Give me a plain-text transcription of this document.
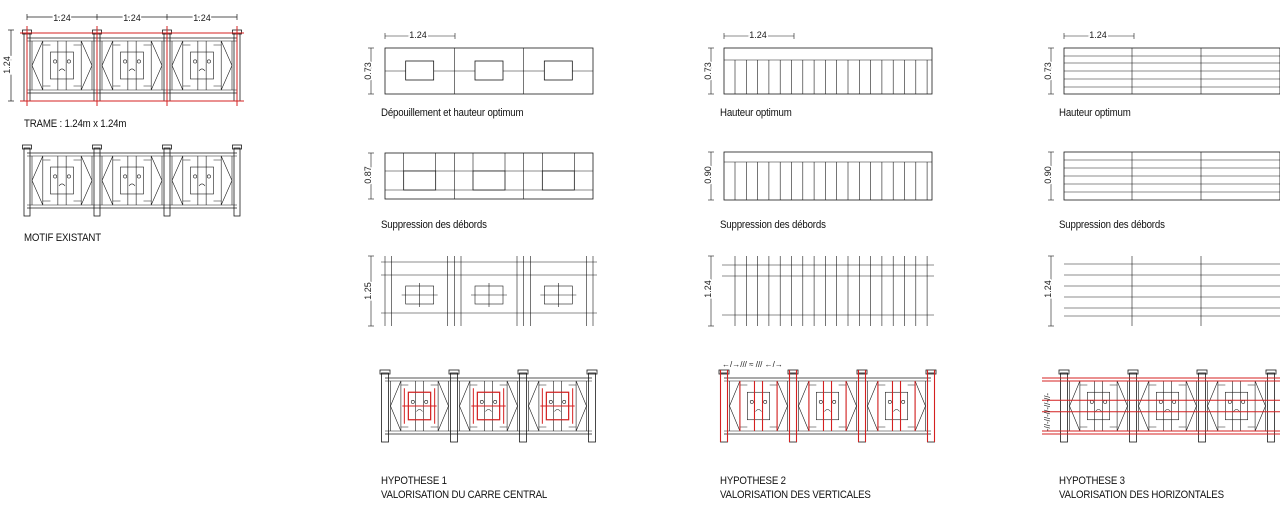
1.24	1.24	1.24
1.24
1.24
0.73
0.87
1.25
1.24
0.73
0.90
1.24
←/→/// ≈ /// ←/→
1.24
0.73
0.90
1.24
-//-//-//-//-//-
TRAME : 1.24m x 1.24m
MOTIF EXISTANT
Dépouillement et hauteur optimum
Suppression des débords
HYPOTHESE 1
VALORISATION DU CARRE CENTRAL
Hauteur optimum
Suppression des débords
HYPOTHESE 2
VALORISATION DES VERTICALES
Hauteur optimum
Suppression des débords
HYPOTHESE 3
VALORISATION DES HORIZONTALES
